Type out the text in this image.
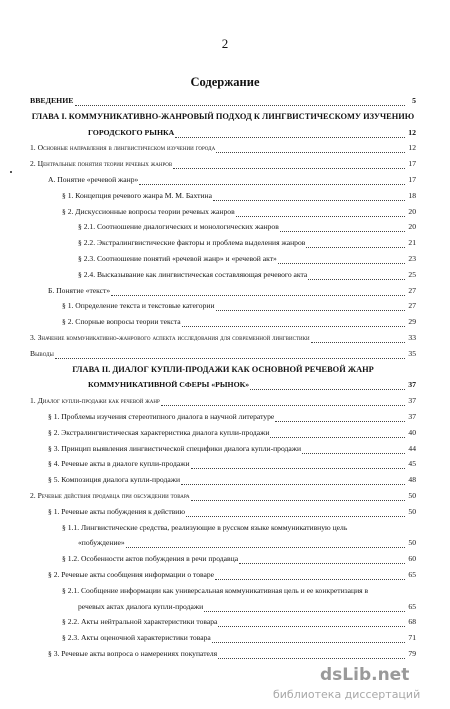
2
Содержание
ВВЕДЕНИЕ	5
ГЛАВА I. КОММУНИКАТИВНО-ЖАНРОВЫЙ ПОДХОД К ЛИНГВИСТИЧЕСКОМУ ИЗУЧЕНИЮ
ГОРОДСКОГО РЫНКА	12
1. Основные направления в лингвистическом изучении города	12
2. Центральные понятия теории речевых жанров	17
А. Понятие «речевой жанр»	17
§ 1. Концепция речевого жанра М. М. Бахтина	18
§ 2. Дискуссионные вопросы теории речевых жанров	20
§ 2.1. Соотношение диалогических и монологических жанров	20
§ 2.2. Экстралингвистические факторы и проблема выделения жанров	21
§ 2.3. Соотношение понятий «речевой жанр» и «речевой акт»	23
§ 2.4. Высказывание как лингвистическая составляющая речевого акта	25
Б. Понятие «текст»	27
§ 1. Определение текста и текстовые категории	27
§ 2. Спорные вопросы теории текста	29
3. Значение коммуникативно-жанрового аспекта исследования для современной лингвистики	33
Выводы	35
ГЛАВА II. ДИАЛОГ КУПЛИ-ПРОДАЖИ КАК ОСНОВНОЙ РЕЧЕВОЙ ЖАНР
КОММУНИКАТИВНОЙ СФЕРЫ «РЫНОК»	37
1. Диалог купли-продажи как речевой жанр	37
§ 1. Проблемы изучения стереотипного диалога в научной литературе	37
§ 2. Экстралингвистическая характеристика диалога купли-продажи	40
§ 3. Принцип выявления лингвистической специфики диалога купли-продажи	44
§ 4. Речевые акты в диалоге купли-продажи	45
§ 5. Композиция диалога купли-продажи	48
2. Речевые действия продавца при обсуждении товара	50
§ 1. Речевые акты побуждения к действию	50
§ 1.1. Лингвистические средства, реализующие в русском языке коммуникативную цель
«побуждение»	50
§ 1.2. Особенности актов побуждения в речи продавца	60
§ 2. Речевые акты сообщения информации о товаре	65
§ 2.1. Сообщение информации как универсальная коммуникативная цель и ее конкретизация в
речевых актах диалога купли-продажи	65
§ 2.2. Акты нейтральной характеристики товара	68
§ 2.3. Акты оценочной характеристики товара	71
§ 3. Речевые акты вопроса о намерениях покупателя	79
dsLib.net
библиотека диссертаций
